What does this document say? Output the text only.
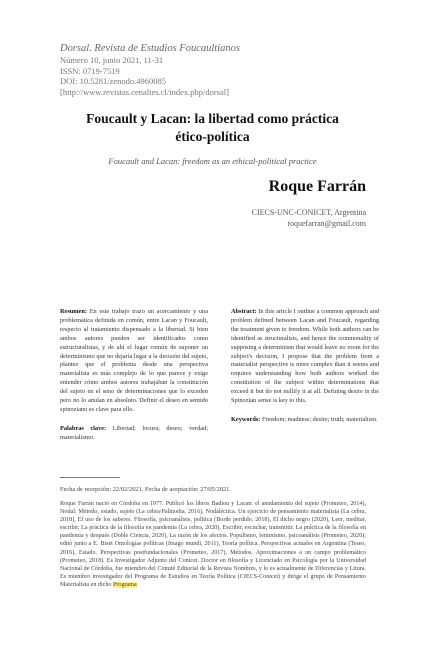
Dorsal. Revista de Estudios Foucaultianos
Número 10, junio 2021, 11-31
ISSN: 0719-7519
DOI: 10.5281/zenodo.4960085
[http://www.revistas.cenaltes.cl/index.php/dorsal]
Foucault y Lacan: la libertad como práctica
ético-política
Foucault and Lacan: freedom as an ethical-political practice
Roque Farrán
CIECS-UNC-CONICET, Argentina
roquefarran@gmail.com
Resumen: En este trabajo trazo un acercamiento y una problemática definida en común, entre Lacan y Foucault, respecto al tratamiento dispensado a la libertad. Si bien ambos autores pueden ser identificados como estructuralistas, y de ahí el lugar común de suponer un determinismo que no dejaría lugar a la decisión del sujeto, planteo que el problema desde una perspectiva materialista es más complejo de lo que parece y exige entender cómo ambos autores trabajaban la constitución del sujeto en el seno de determinaciones que lo exceden pero no lo anulan en absoluto. Definir el deseo en sentido spinoziano es clave para ello.
Palabras clave: Libertad; locura; deseo; verdad; materialismo.
Abstract: In this article I outline a common approach and problem defined between Lacan and Foucault, regarding the treatment given to freedom. While both authors can be identified as structuralists, and hence the commonality of supposing a determinism that would leave no room for the subject's decision, I propose that the problem from a materialist perspective is more complex than it seems and requires understanding how both authors worked the constitution of the subject within determinations that exceed it but do not nullify it at all. Defining desire in the Spinozian sense is key to this.
Keywords: Freedom; madness; desire; truth; materialism.
Fecha de recepción: 22/02/2021. Fecha de aceptación: 27/05/2021.
Roque Farrán nació en Córdoba en 1977. Publicó los libros Badiou y Lacan: el anudamiento del sujeto (Prometeo, 2014), Nodal: Método, estado, sujeto (La cebra/Palinodia, 2016), Nodaléctica. Un ejercicio de pensamiento materialista (La cebra, 2018), El uso de los saberes. Filosofía, psicoanálisis, política (Borde perdido, 2018), El dicho negro (2020), Leer, meditar, escribir. La práctica de la filosofía en pandemia (La cebra, 2020), Escribir, escuchar, transmitir. La práctica de la filosofía en pandemia y después (Doble Ciencia, 2020), La razón de los afectos. Populismo, feminismo, psicoanálisis (Prometeo, 2020); editó junto a E. Biset Ontologías políticas (Imago mundi, 2011), Teoría política. Perspectivas actuales en Argentina (Teseo, 2016), Estado. Perspectivas postfundacionales (Prometeo, 2017), Métodos. Aproximaciones a un campo problemático (Prometeo, 2018). Es Investigador Adjunto del Conicet. Doctor en filosofía y Licenciado en Psicología por la Universidad Nacional de Córdoba, fue miembro del Comité Editorial de la Revista Nombres, y lo es actualmente de Diferencias y Litura. Es miembro investigador del Programa de Estudios en Teoría Política (CIECS-Conicet) y dirige el grupo de Pensamiento Materialista en dicho Programa
